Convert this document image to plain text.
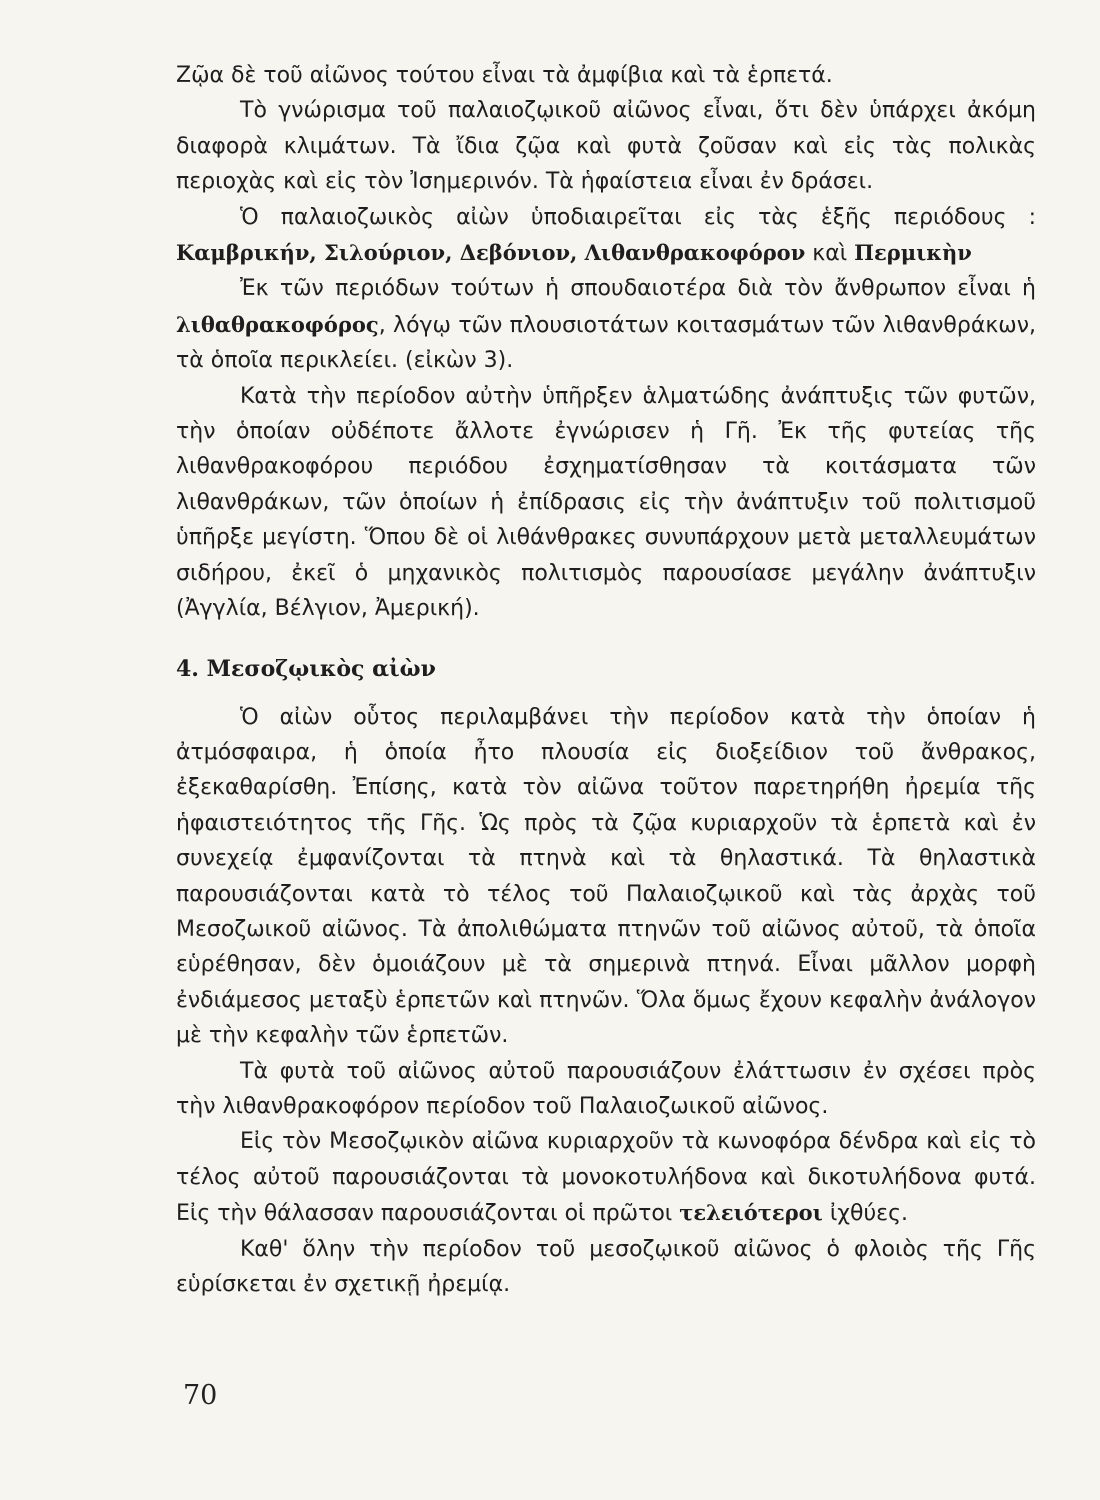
Ζῷα δὲ τοῦ αἰῶνος τούτου εἶναι τὰ ἀμφίβια καὶ τὰ ἑρπετά.

Τὸ γνώρισμα τοῦ παλαιοζῳικοῦ αἰῶνος εἶναι, ὅτι δὲν ὑπάρχει ἀκόμη διαφορὰ κλιμάτων. Τὰ ἴδια ζῷα καὶ φυτὰ ζοῦσαν καὶ εἰς τὰς πολικὰς περιοχὰς καὶ εἰς τὸν Ἰσημερινόν. Τὰ ἡφαίστεια εἶναι ἐν δράσει.

Ὁ παλαιοζωικὸς αἰὼν ὑποδιαιρεῖται εἰς τὰς ἑξῆς περιόδους : Καμβρικήν, Σιλούριον, Δεβόνιον, Λιθανθρακοφόρον καὶ Περμικὴν

Ἐκ τῶν περιόδων τούτων ἡ σπουδαιοτέρα διὰ τὸν ἄνθρωπον εἶναι ἡ λιθαθρακοφόρος, λόγῳ τῶν πλουσιοτάτων κοιτασμάτων τῶν λιθανθράκων, τὰ ὁποῖα περικλείει. (εἰκὼν 3).

Κατὰ τὴν περίοδον αὐτὴν ὑπῆρξεν ἁλματώδης ἀνάπτυξις τῶν φυτῶν, τὴν ὁποίαν οὐδέποτε ἄλλοτε ἐγνώρισεν ἡ Γῆ. Ἐκ τῆς φυτείας τῆς λιθανθρακοφόρου περιόδου ἐσχηματίσθησαν τὰ κοιτάσματα τῶν λιθανθράκων, τῶν ὁποίων ἡ ἐπίδρασις εἰς τὴν ἀνάπτυξιν τοῦ πολιτισμοῦ ὑπῆρξε μεγίστη. Ὅπου δὲ οἱ λιθάνθρακες συνυπάρχουν μετὰ μεταλλευμάτων σιδήρου, ἐκεῖ ὁ μηχανικὸς πολιτισμὸς παρουσίασε μεγάλην ἀνάπτυξιν (Ἀγγλία, Βέλγιον, Ἀμερική).

4. Μεσοζῳικὸς αἰὼν

Ὁ αἰὼν οὗτος περιλαμβάνει τὴν περίοδον κατὰ τὴν ὁποίαν ἡ ἀτμόσφαιρα, ἡ ὁποία ἦτο πλουσία εἰς διοξείδιον τοῦ ἄνθρακος, ἐξεκαθαρίσθη. Ἐπίσης, κατὰ τὸν αἰῶνα τοῦτον παρετηρήθη ἠρεμία τῆς ἡφαιστειότητος τῆς Γῆς. Ὡς πρὸς τὰ ζῷα κυριαρχοῦν τὰ ἑρπετὰ καὶ ἐν συνεχείᾳ ἐμφανίζονται τὰ πτηνὰ καὶ τὰ θηλαστικά. Τὰ θηλαστικὰ παρουσιάζονται κατὰ τὸ τέλος τοῦ Παλαιοζῳικοῦ καὶ τὰς ἀρχὰς τοῦ Μεσοζωικοῦ αἰῶνος. Τὰ ἀπολιθώματα πτηνῶν τοῦ αἰῶνος αὐτοῦ, τὰ ὁποῖα εὑρέθησαν, δὲν ὁμοιάζουν μὲ τὰ σημερινὰ πτηνά. Εἶναι μᾶλλον μορφὴ ἐνδιάμεσος μεταξὺ ἑρπετῶν καὶ πτηνῶν. Ὅλα ὅμως ἔχουν κεφαλὴν ἀνάλογον μὲ τὴν κεφαλὴν τῶν ἑρπετῶν.

Τὰ φυτὰ τοῦ αἰῶνος αὐτοῦ παρουσιάζουν ἐλάττωσιν ἐν σχέσει πρὸς τὴν λιθανθρακοφόρον περίοδον τοῦ Παλαιοζωικοῦ αἰῶνος.

Εἰς τὸν Μεσοζῳικὸν αἰῶνα κυριαρχοῦν τὰ κωνοφόρα δένδρα καὶ εἰς τὸ τέλος αὐτοῦ παρουσιάζονται τὰ μονοκοτυλήδονα καὶ δικοτυλήδονα φυτά. Εἰς τὴν θάλασσαν παρουσιάζονται οἱ πρῶτοι τελειότεροι ἰχθύες.

Καθ' ὅλην τὴν περίοδον τοῦ μεσοζῳικοῦ αἰῶνος ὁ φλοιὸς τῆς Γῆς εὑρίσκεται ἐν σχετικῇ ἠρεμίᾳ.

70
